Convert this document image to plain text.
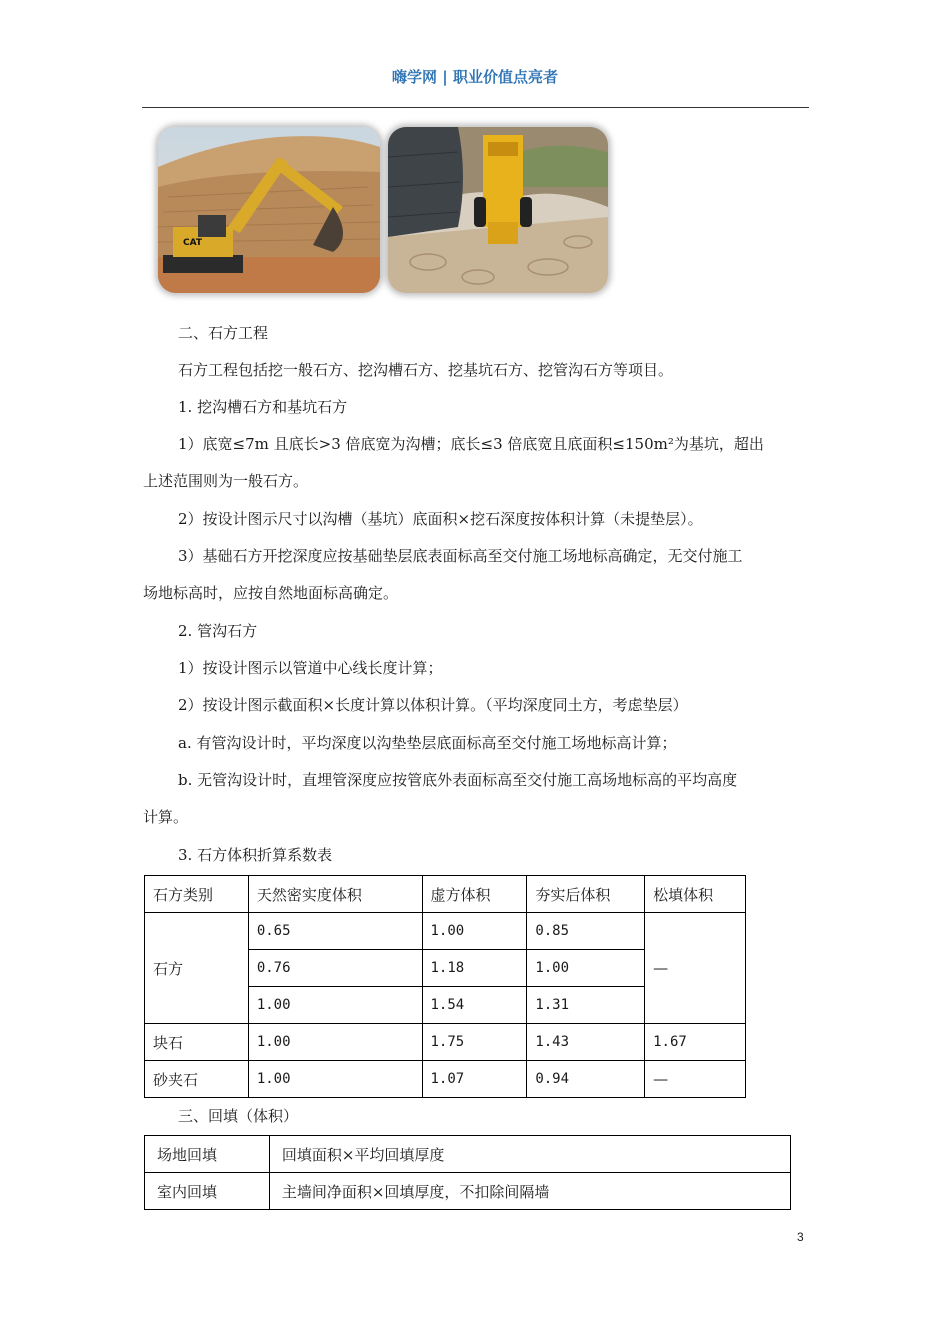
嗨学网 | 职业价值点亮者
CAT
二、石方工程
石方工程包括挖一般石方、挖沟槽石方、挖基坑石方、挖管沟石方等项目。
1. 挖沟槽石方和基坑石方
1）底宽≤7m 且底长>3 倍底宽为沟槽；底长≤3 倍底宽且底面积≤150m²为基坑，超出
上述范围则为一般石方。
2）按设计图示尺寸以沟槽（基坑）底面积×挖石深度按体积计算（未提垫层）。
3）基础石方开挖深度应按基础垫层底表面标高至交付施工场地标高确定，无交付施工
场地标高时，应按自然地面标高确定。
2. 管沟石方
1）按设计图示以管道中心线长度计算；
2）按设计图示截面积×长度计算以体积计算。（平均深度同土方，考虑垫层）
a. 有管沟设计时，平均深度以沟垫垫层底面标高至交付施工场地标高计算；
b. 无管沟设计时，直埋管深度应按管底外表面标高至交付施工高场地标高的平均高度
计算。
3. 石方体积折算系数表
石方类别	天然密实度体积	虚方体积	夯实后体积	松填体积
石方	0.65	1.00	0.85	—
	0.76	1.18	1.00	
	1.00	1.54	1.31	
块石	1.00	1.75	1.43	1.67
砂夹石	1.00	1.07	0.94	—
三、回填（体积）
场地回填	回填面积×平均回填厚度
室内回填	主墙间净面积×回填厚度，不扣除间隔墙
3
